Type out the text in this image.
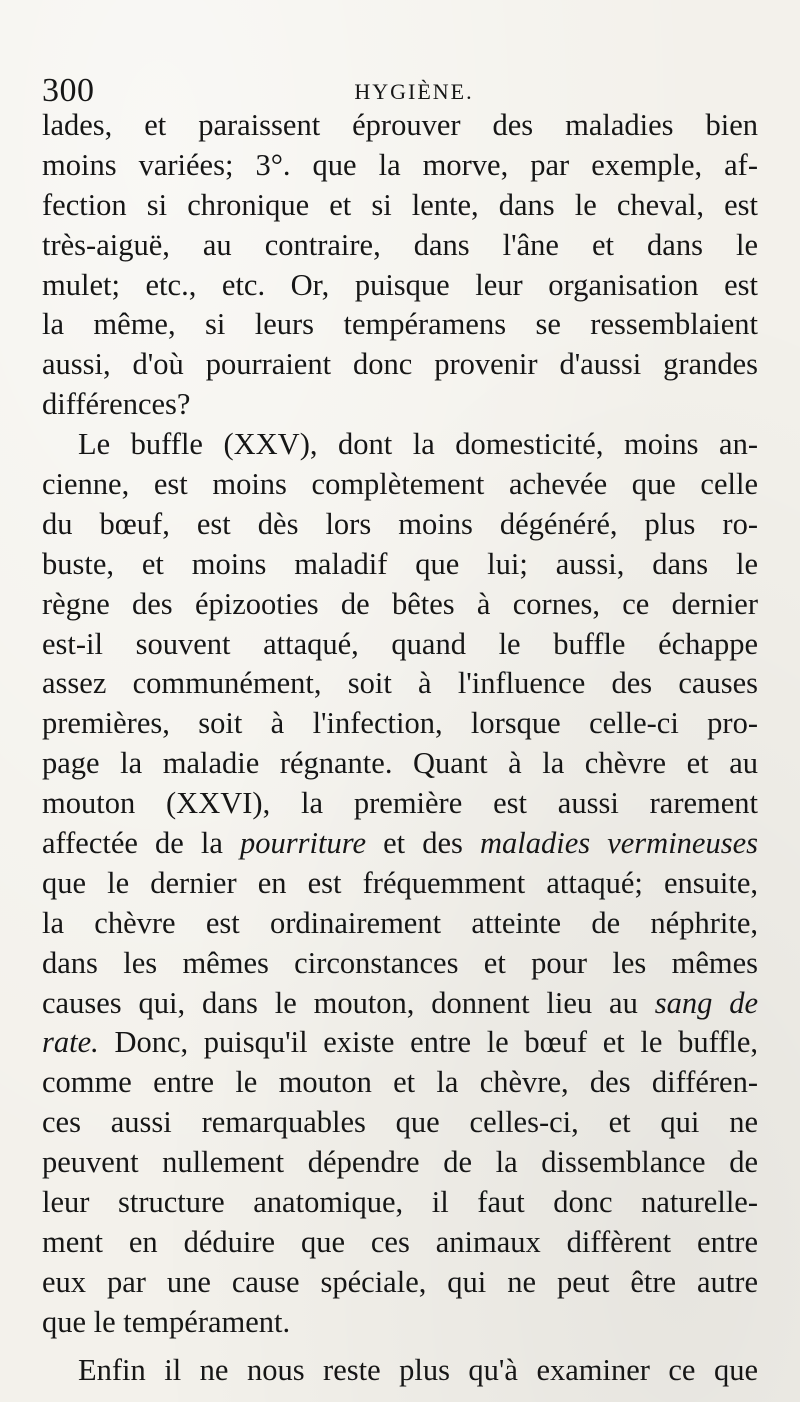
300	HYGIÈNE.
lades, et paraissent éprouver des maladies bien
moins variées; 3°. que la morve, par exemple, af-
fection si chronique et si lente, dans le cheval, est
très-aiguë, au contraire, dans l'âne et dans le
mulet; etc., etc. Or, puisque leur organisation est
la même, si leurs tempéramens se ressemblaient
aussi, d'où pourraient donc provenir d'aussi grandes
différences?
Le buffle (XXV), dont la domesticité, moins an-
cienne, est moins complètement achevée que celle
du bœuf, est dès lors moins dégénéré, plus ro-
buste, et moins maladif que lui; aussi, dans le
règne des épizooties de bêtes à cornes, ce dernier
est-il souvent attaqué, quand le buffle échappe
assez communément, soit à l'influence des causes
premières, soit à l'infection, lorsque celle-ci pro-
page la maladie régnante. Quant à la chèvre et au
mouton (XXVI), la première est aussi rarement
affectée de la pourriture et des maladies vermineuses
que le dernier en est fréquemment attaqué; ensuite,
la chèvre est ordinairement atteinte de néphrite,
dans les mêmes circonstances et pour les mêmes
causes qui, dans le mouton, donnent lieu au sang de
rate. Donc, puisqu'il existe entre le bœuf et le buffle,
comme entre le mouton et la chèvre, des différen-
ces aussi remarquables que celles-ci, et qui ne
peuvent nullement dépendre de la dissemblance de
leur structure anatomique, il faut donc naturelle-
ment en déduire que ces animaux diffèrent entre
eux par une cause spéciale, qui ne peut être autre
que le tempérament.
Enfin il ne nous reste plus qu'à examiner ce que
